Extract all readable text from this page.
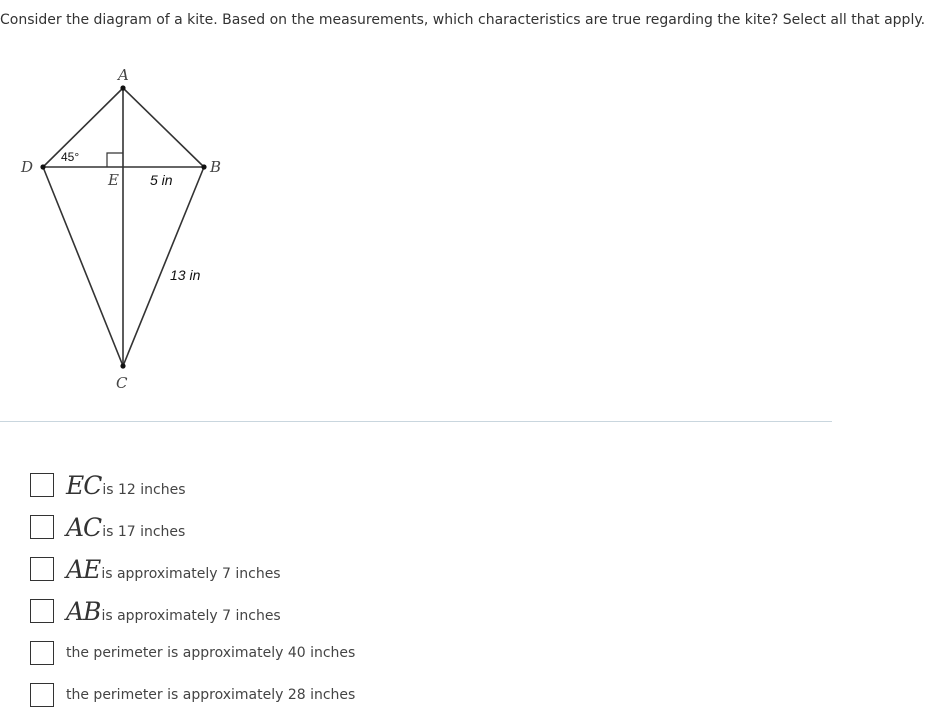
Consider the diagram of a kite. Based on the measurements, which characteristics are true regarding the kite? Select all that apply.
A
B
C
D
E
45°
5 in
13 in
EC is 12 inches
AC is 17 inches
AE is approximately 7 inches
AB is approximately 7 inches
the perimeter is approximately 40 inches
the perimeter is approximately 28 inches
